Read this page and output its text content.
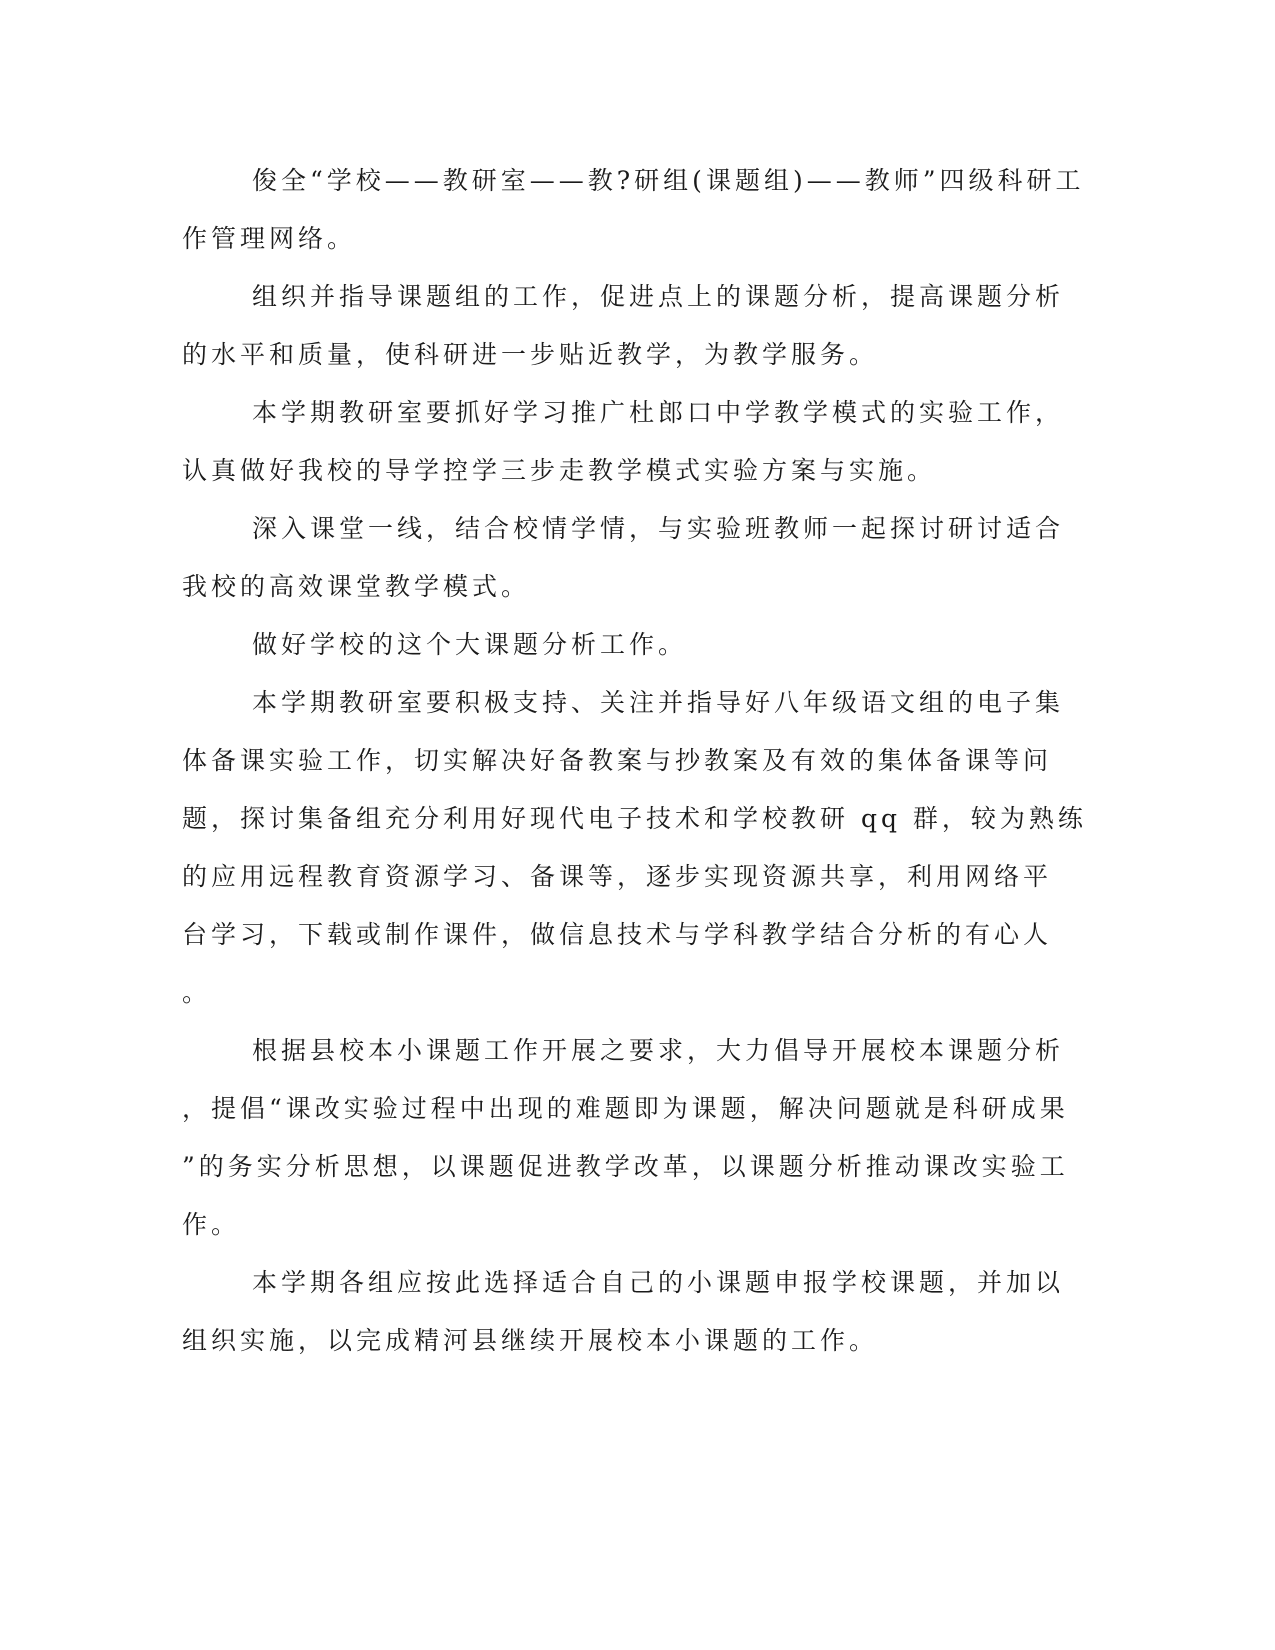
俊全“学校——教研室——教?研组(课题组)——教师”四级科研工
作管理网络。

组织并指导课题组的工作，促进点上的课题分析，提高课题分析
的水平和质量，使科研进一步贴近教学，为教学服务。

本学期教研室要抓好学习推广杜郎口中学教学模式的实验工作，
认真做好我校的导学控学三步走教学模式实验方案与实施。

深入课堂一线，结合校情学情，与实验班教师一起探讨研讨适合
我校的高效课堂教学模式。

做好学校的这个大课题分析工作。

本学期教研室要积极支持、关注并指导好八年级语文组的电子集
体备课实验工作，切实解决好备教案与抄教案及有效的集体备课等问
题，探讨集备组充分利用好现代电子技术和学校教研 qq 群，较为熟练
的应用远程教育资源学习、备课等，逐步实现资源共享，利用网络平
台学习，下载或制作课件，做信息技术与学科教学结合分析的有心人
。

根据县校本小课题工作开展之要求，大力倡导开展校本课题分析
，提倡“课改实验过程中出现的难题即为课题，解决问题就是科研成果
”的务实分析思想，以课题促进教学改革，以课题分析推动课改实验工
作。

本学期各组应按此选择适合自己的小课题申报学校课题，并加以
组织实施，以完成精河县继续开展校本小课题的工作。
